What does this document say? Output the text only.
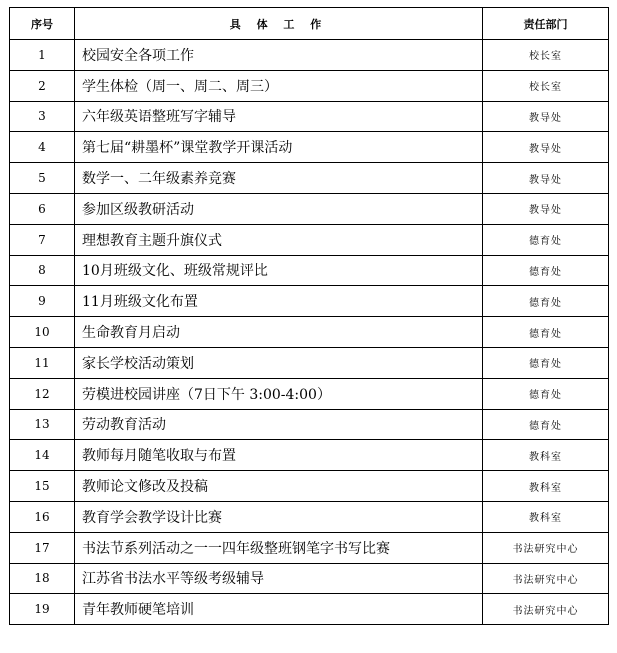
序号	具 体 工 作	责任部门
1	校园安全各项工作	校长室
2	学生体检（周一、周二、周三）	校长室
3	六年级英语整班写字辅导	教导处
4	第七届“耕墨杯”课堂教学开课活动	教导处
5	数学一、二年级素养竞赛	教导处
6	参加区级教研活动	教导处
7	理想教育主题升旗仪式	德育处
8	10月班级文化、班级常规评比	德育处
9	11月班级文化布置	德育处
10	生命教育月启动	德育处
11	家长学校活动策划	德育处
12	劳模进校园讲座（7日下午 3:00-4:00）	德育处
13	劳动教育活动	德育处
14	教师每月随笔收取与布置	教科室
15	教师论文修改及投稿	教科室
16	教育学会教学设计比赛	教科室
17	书法节系列活动之一一四年级整班钢笔字书写比赛	书法研究中心
18	江苏省书法水平等级考级辅导	书法研究中心
19	青年教师硬笔培训	书法研究中心
